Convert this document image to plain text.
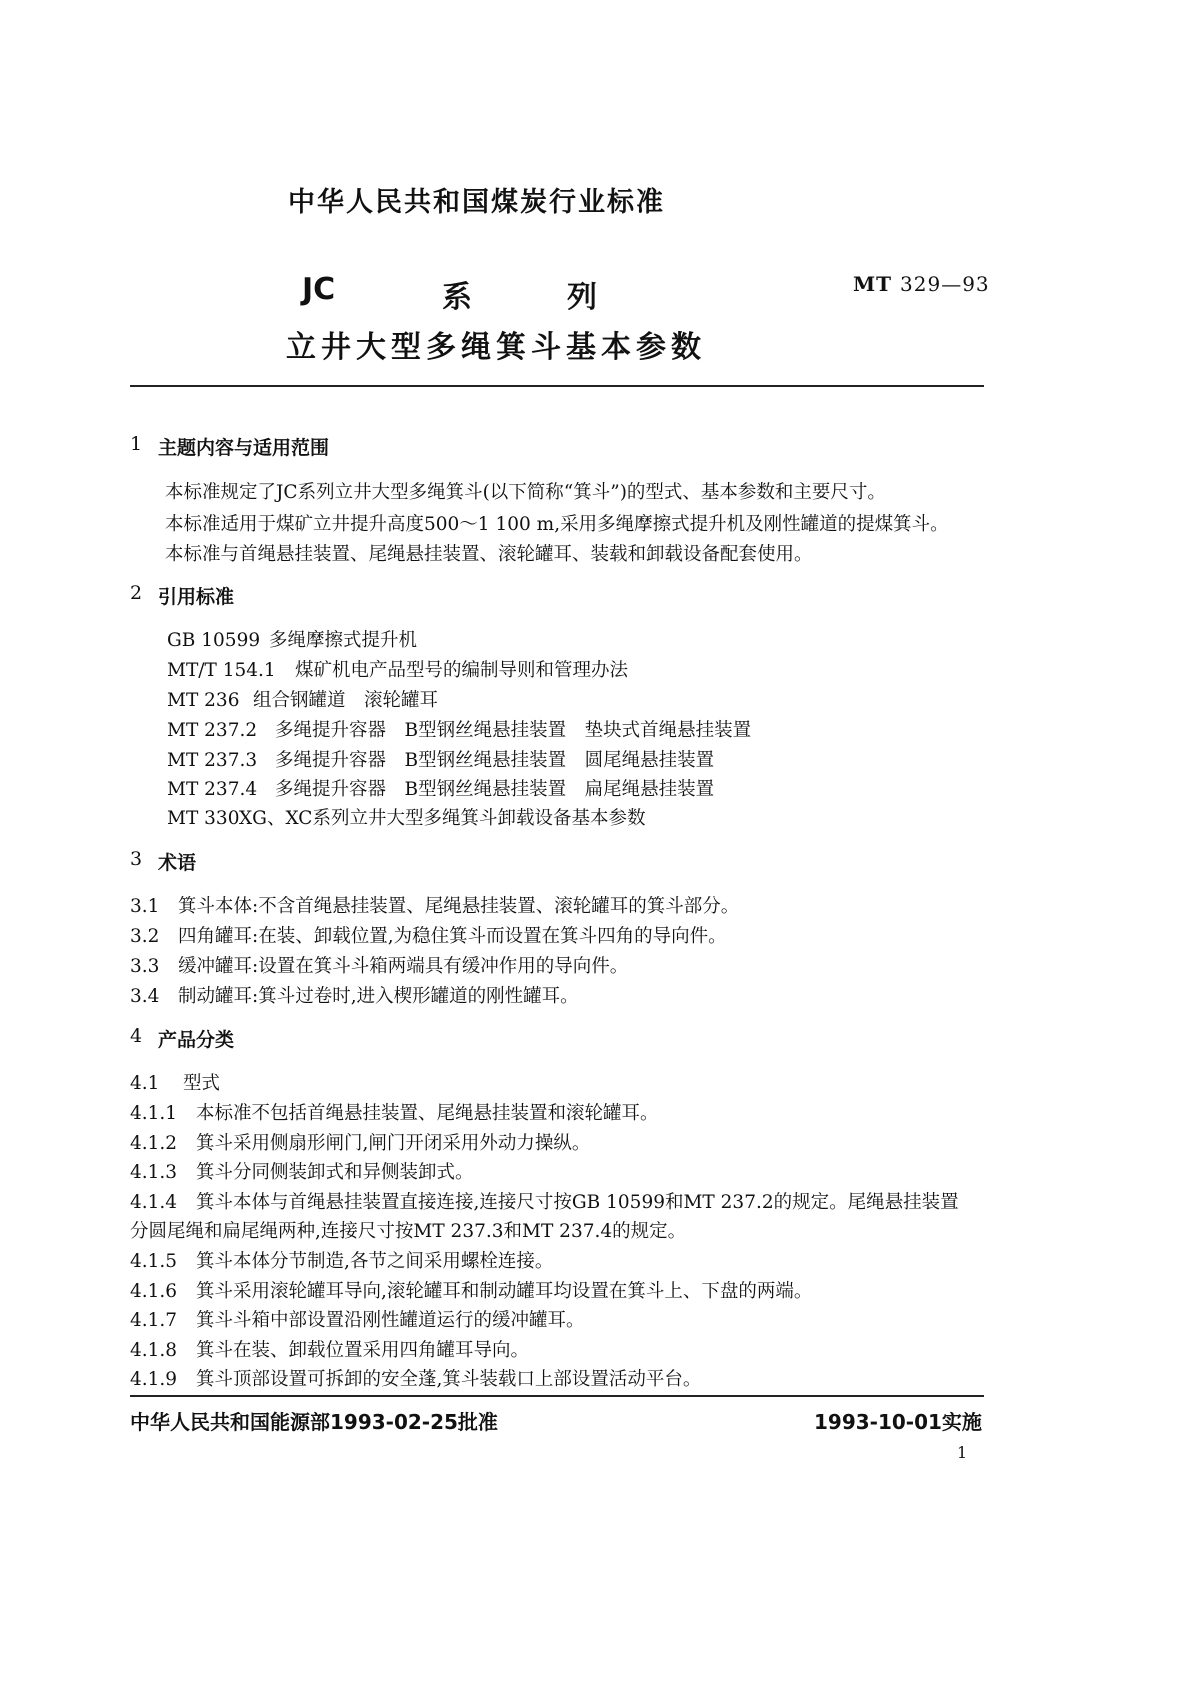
中华人民共和国煤炭行业标准
JC	系	列	MT 329—93
立井大型多绳箕斗基本参数
1 主题内容与适用范围
本标准规定了JC系列立井大型多绳箕斗(以下简称“箕斗”)的型式、基本参数和主要尺寸。
本标准适用于煤矿立井提升高度500～1 100 m,采用多绳摩擦式提升机及刚性罐道的提煤箕斗。
本标准与首绳悬挂装置、尾绳悬挂装置、滚轮罐耳、装载和卸载设备配套使用。
2 引用标准
GB 10599 多绳摩擦式提升机
MT/T 154.1 煤矿机电产品型号的编制导则和管理办法
MT 236 组合钢罐道　滚轮罐耳
MT 237.2 多绳提升容器　B型钢丝绳悬挂装置　垫块式首绳悬挂装置
MT 237.3 多绳提升容器　B型钢丝绳悬挂装置　圆尾绳悬挂装置
MT 237.4 多绳提升容器　B型钢丝绳悬挂装置　扁尾绳悬挂装置
MT 330XG、XC系列立井大型多绳箕斗卸载设备基本参数
3 术语
3.1 箕斗本体:不含首绳悬挂装置、尾绳悬挂装置、滚轮罐耳的箕斗部分。
3.2 四角罐耳:在装、卸载位置,为稳住箕斗而设置在箕斗四角的导向件。
3.3 缓冲罐耳:设置在箕斗斗箱两端具有缓冲作用的导向件。
3.4 制动罐耳:箕斗过卷时,进入楔形罐道的刚性罐耳。
4 产品分类
4.1 型式
4.1.1 本标准不包括首绳悬挂装置、尾绳悬挂装置和滚轮罐耳。
4.1.2 箕斗采用侧扇形闸门,闸门开闭采用外动力操纵。
4.1.3 箕斗分同侧装卸式和异侧装卸式。
4.1.4 箕斗本体与首绳悬挂装置直接连接,连接尺寸按GB 10599和MT 237.2的规定。尾绳悬挂装置
分圆尾绳和扁尾绳两种,连接尺寸按MT 237.3和MT 237.4的规定。
4.1.5 箕斗本体分节制造,各节之间采用螺栓连接。
4.1.6 箕斗采用滚轮罐耳导向,滚轮罐耳和制动罐耳均设置在箕斗上、下盘的两端。
4.1.7 箕斗斗箱中部设置沿刚性罐道运行的缓冲罐耳。
4.1.8 箕斗在装、卸载位置采用四角罐耳导向。
4.1.9 箕斗顶部设置可拆卸的安全蓬,箕斗装载口上部设置活动平台。
中华人民共和国能源部1993-02-25批准	1993-10-01实施
1
